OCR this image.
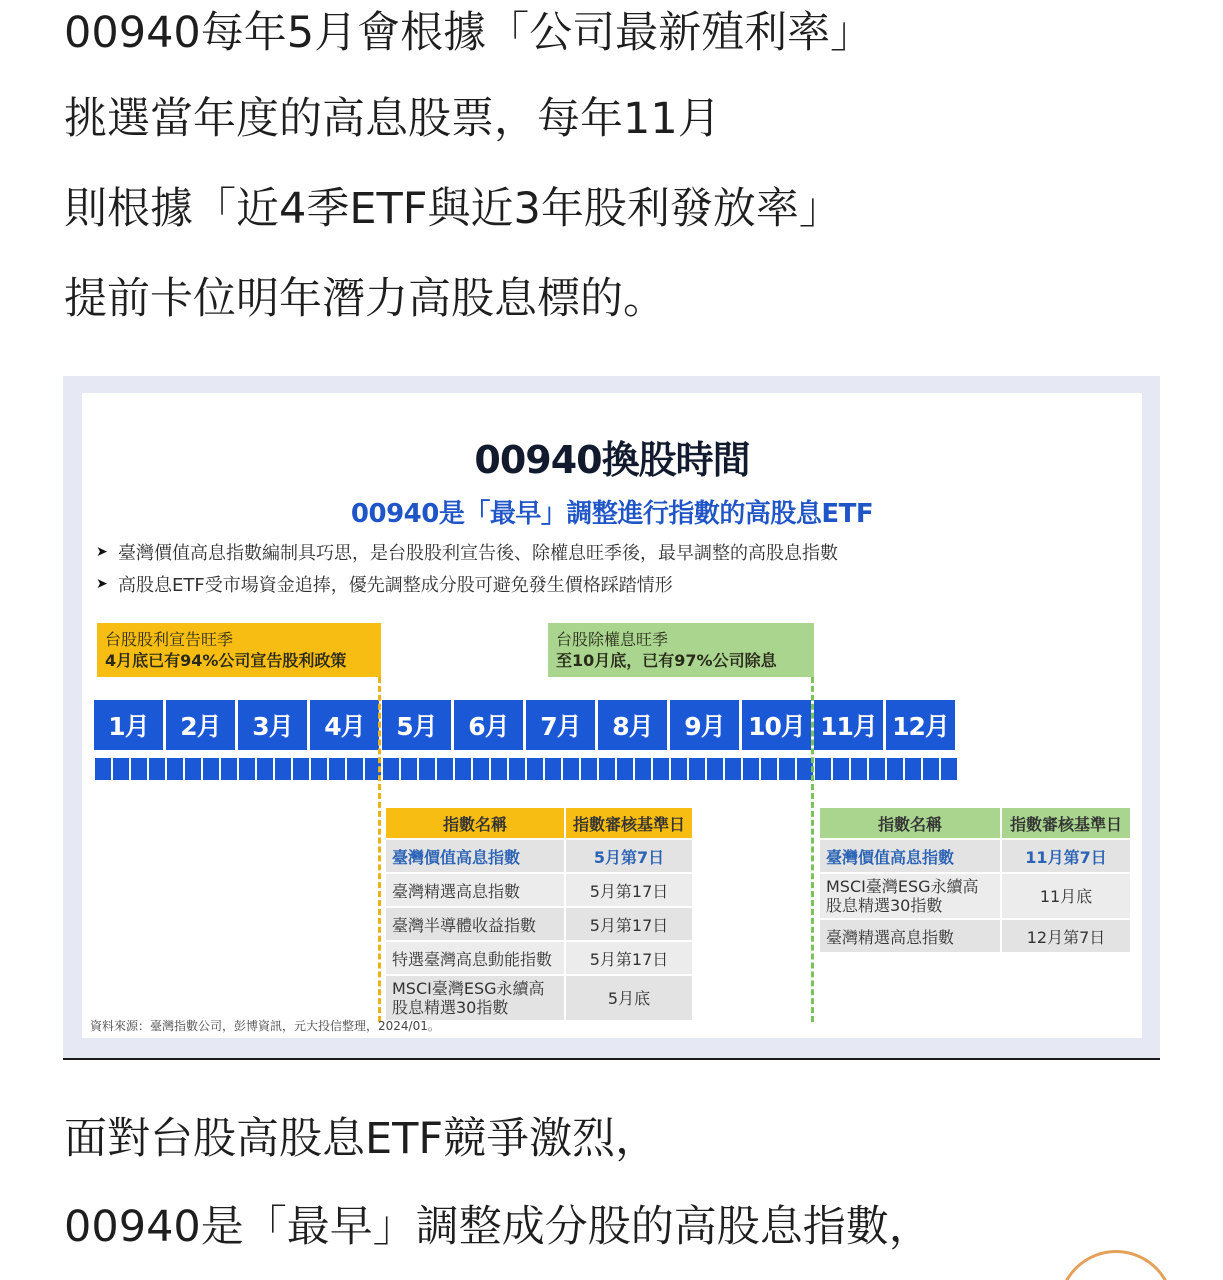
00940每年5月會根據「公司最新殖利率」
挑選當年度的高息股票，每年11月
則根據「近4季ETF與近3年股利發放率」
提前卡位明年潛力高股息標的。
00940換股時間
00940是「最早」調整進行指數的高股息ETF
➤ 臺灣價值高息指數編制具巧思，是台股股利宣告後、除權息旺季後，最早調整的高股息指數
➤ 高股息ETF受市場資金追捧，優先調整成分股可避免發生價格踩踏情形
台股股利宣告旺季
4月底已有94%公司宣告股利政策
台股除權息旺季
至10月底，已有97%公司除息
1月	2月	3月	4月	5月	6月	7月	8月	9月 10月 11月 12月
指數名稱	指數審核基準日
臺灣價值高息指數	5月第7日
臺灣精選高息指數	5月第17日
臺灣半導體收益指數	5月第17日
特選臺灣高息動能指數	5月第17日

MSCI臺灣ESG永續高
股息精選30指數	5月底
指數名稱	指數審核基準日
臺灣價值高息指數	11月第7日

MSCI臺灣ESG永續高
股息精選30指數	11月底
臺灣精選高息指數	12月第7日
資料來源：臺灣指數公司，彭博資訊，元大投信整理，2024/01。
面對台股高股息ETF競爭激烈，
00940是「最早」調整成分股的高股息指數，
